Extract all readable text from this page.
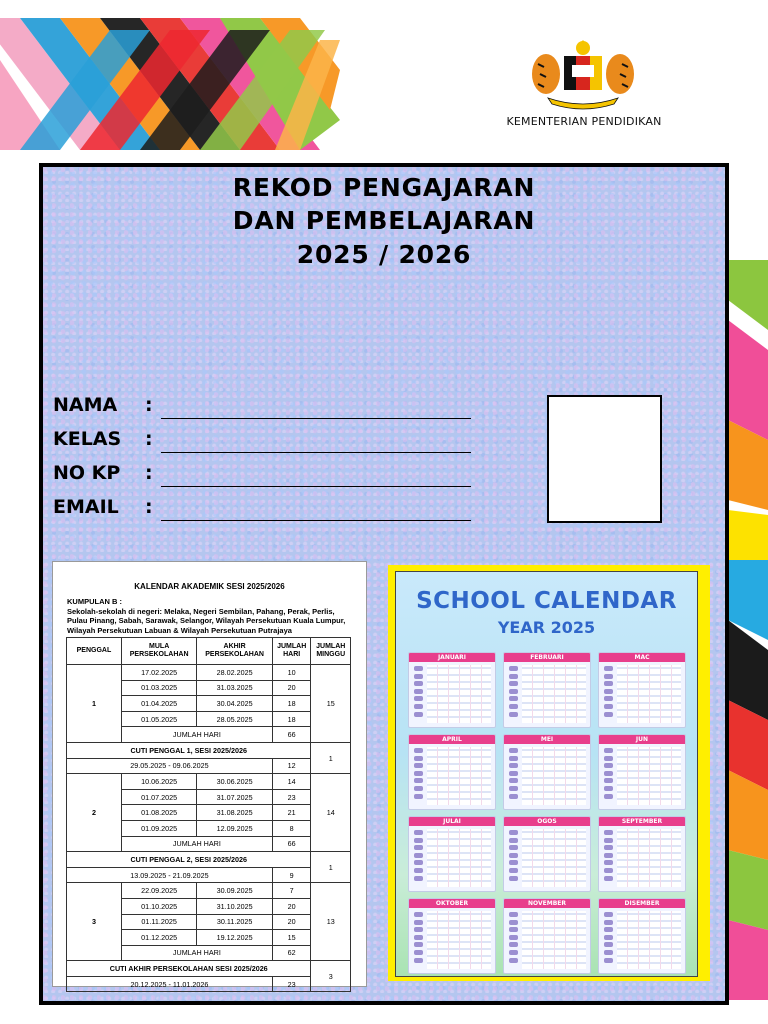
KEMENTERIAN PENDIDIKAN
REKOD PENGAJARAN
DAN PEMBELAJARAN
2025 / 2026
NAMA	:
KELAS	:
NO KP	:
EMAIL	:
KALENDAR AKADEMIK SESI 2025/2026
KUMPULAN B :
Sekolah-sekolah di negeri: Melaka, Negeri Sembilan, Pahang, Perak, Perlis, Pulau Pinang, Sabah, Sarawak, Selangor, Wilayah Persekutuan Kuala Lumpur, Wilayah Persekutuan Labuan & Wilayah Persekutuan Putrajaya
PENGGAL	MULA PERSEKOLAHAN	AKHIR PERSEKOLAHAN	JUMLAH HARI	JUMLAH MINGGU
1	17.02.2025	28.02.2025	10	15
	01.03.2025	31.03.2025	20	
	01.04.2025	30.04.2025	18	
	01.05.2025	28.05.2025	18	
	JUMLAH HARI		66	
CUTI PENGGAL 1, SESI 2025/2026				1
29.05.2025 - 09.06.2025			12	
2	10.06.2025	30.06.2025	14	14
	01.07.2025	31.07.2025	23	
	01.08.2025	31.08.2025	21	
	01.09.2025	12.09.2025	8	
	JUMLAH HARI		66	
CUTI PENGGAL 2, SESI 2025/2026				1
13.09.2025 - 21.09.2025			9	
3	22.09.2025	30.09.2025	7	13
	01.10.2025	31.10.2025	20	
	01.11.2025	30.11.2025	20	
	01.12.2025	19.12.2025	15	
	JUMLAH HARI		62	
CUTI AKHIR PERSEKOLAHAN SESI 2025/2026				3
20.12.2025 - 11.01.2026			23	
SCHOOL CALENDAR
YEAR 2025
JANUARI	FEBRUARI	MAC
APRIL	MEI	JUN
JULAI	OGOS	SEPTEMBER
OKTOBER	NOVEMBER	DISEMBER
